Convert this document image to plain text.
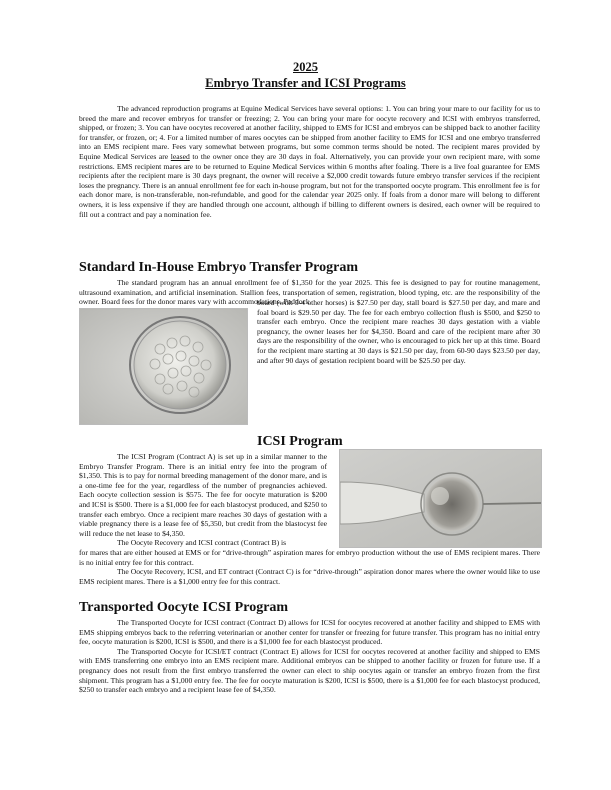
2025
Embryo Transfer and ICSI Programs

The advanced reproduction programs at Equine Medical Services have several options: 1. You can bring your mare to our facility for us to breed the mare and recover embryos for transfer or freezing; 2. You can bring your mare for oocyte recovery and ICSI with embryos transferred, shipped, or frozen; 3. You can have oocytes recovered at another facility, shipped to EMS for ICSI and embryos can be shipped back to another facility for transfer, or frozen, or; 4. For a limited number of mares oocytes can be shipped from another facility to EMS for ICSI and one embryo transferred into an EMS recipient mare. Fees vary somewhat between programs, but some common terms should be noted. The recipient mares provided by Equine Medical Services are leased to the owner once they are 30 days in foal. Alternatively, you can provide your own recipient mare, with some restrictions. EMS recipient mares are to be returned to Equine Medical Services within 6 months after foaling. There is a live foal guarantee for EMS recipients after the recipient mare is 30 days pregnant, the owner will receive a $2,000 credit towards future embryo transfer services if the recipient loses the pregnancy. There is an annual enrollment fee for each in-house program, but not for the transported oocyte program. This enrollment fee is for each donor mare, is non-transferable, non-refundable, and good for the calendar year 2025 only. If foals from a donor mare will belong to different owners, it is less expensive if they are handled through one account, although if billing to different owners is desired, each owner will be required to fill out a contract and pay a nomination fee.

Standard In-House Embryo Transfer Program

The standard program has an annual enrollment fee of $1,350 for the year 2025. This fee is designed to pay for routine management, ultrasound examination, and artificial insemination. Stallion fees, transportation of semen, registration, blood typing, etc. are the responsibility of the owner. Board fees for the donor mares vary with accommodations. Paddock

board (with 3-4 other horses) is $27.50 per day, stall board is $27.50 per day, and mare and foal board is $29.50 per day. The fee for each embryo collection flush is $500, and $250 to transfer each embryo. Once the recipient mare reaches 30 days gestation with a viable pregnancy, the owner leases her for $4,350. Board and care of the recipient mare after 30 days are the responsibility of the owner, who is encouraged to pick her up at this time. Board for the recipient mare starting at 30 days is $21.50 per day, from 60-90 days $23.50 per day, and after 90 days of gestation recipient board will be $25.50 per day.

ICSI Program

The ICSI Program (Contract A) is set up in a similar manner to the Embryo Transfer Program. There is an initial entry fee into the program of $1,350. This is to pay for normal breeding management of the donor mare, and is a one-time fee for the year, regardless of the number of pregnancies achieved. Each oocyte collection session is $575. The fee for oocyte maturation is $200 and ICSI is $500. There is a $1,000 fee for each blastocyst produced, and $250 to transfer each embryo. Once a recipient mare reaches 30 days of gestation with a viable pregnancy there is a lease fee of $5,350, but credit from the blastocyst fee will reduce the net lease to $4,350.

The Oocyte Recovery and ICSI contract (Contract B) is

for mares that are either housed at EMS or for “drive-through” aspiration mares for embryo production without the use of EMS recipient mares. There is no initial entry fee for this contract.

The Oocyte Recovery, ICSI, and ET contract (Contract C) is for “drive-through” aspiration donor mares where the owner would like to use EMS recipient mares. There is a $1,000 entry fee for this contract.

Transported Oocyte ICSI Program

The Transported Oocyte for ICSI contract (Contract D) allows for ICSI for oocytes recovered at another facility and shipped to EMS with EMS shipping embryos back to the referring veterinarian or another center for transfer or freezing for future transfer. This program has no initial entry fee, oocyte maturation is $200, ICSI is $500, and there is a $1,000 fee for each blastocyst produced.

The Transported Oocyte for ICSI/ET contract (Contract E) allows for ICSI for oocytes recovered at another facility and shipped to EMS with EMS transferring one embryo into an EMS recipient mare. Additional embryos can be shipped to another facility or frozen for future use. If a pregnancy does not result from the first embryo transferred the owner can elect to ship oocytes again or transfer an embryo frozen from the first shipment. This program has a $1,000 entry fee. The fee for oocyte maturation is $200, ICSI is $500, there is a $1,000 fee for each blastocyst produced, $250 to transfer each embryo and a recipient lease fee of $4,350.
